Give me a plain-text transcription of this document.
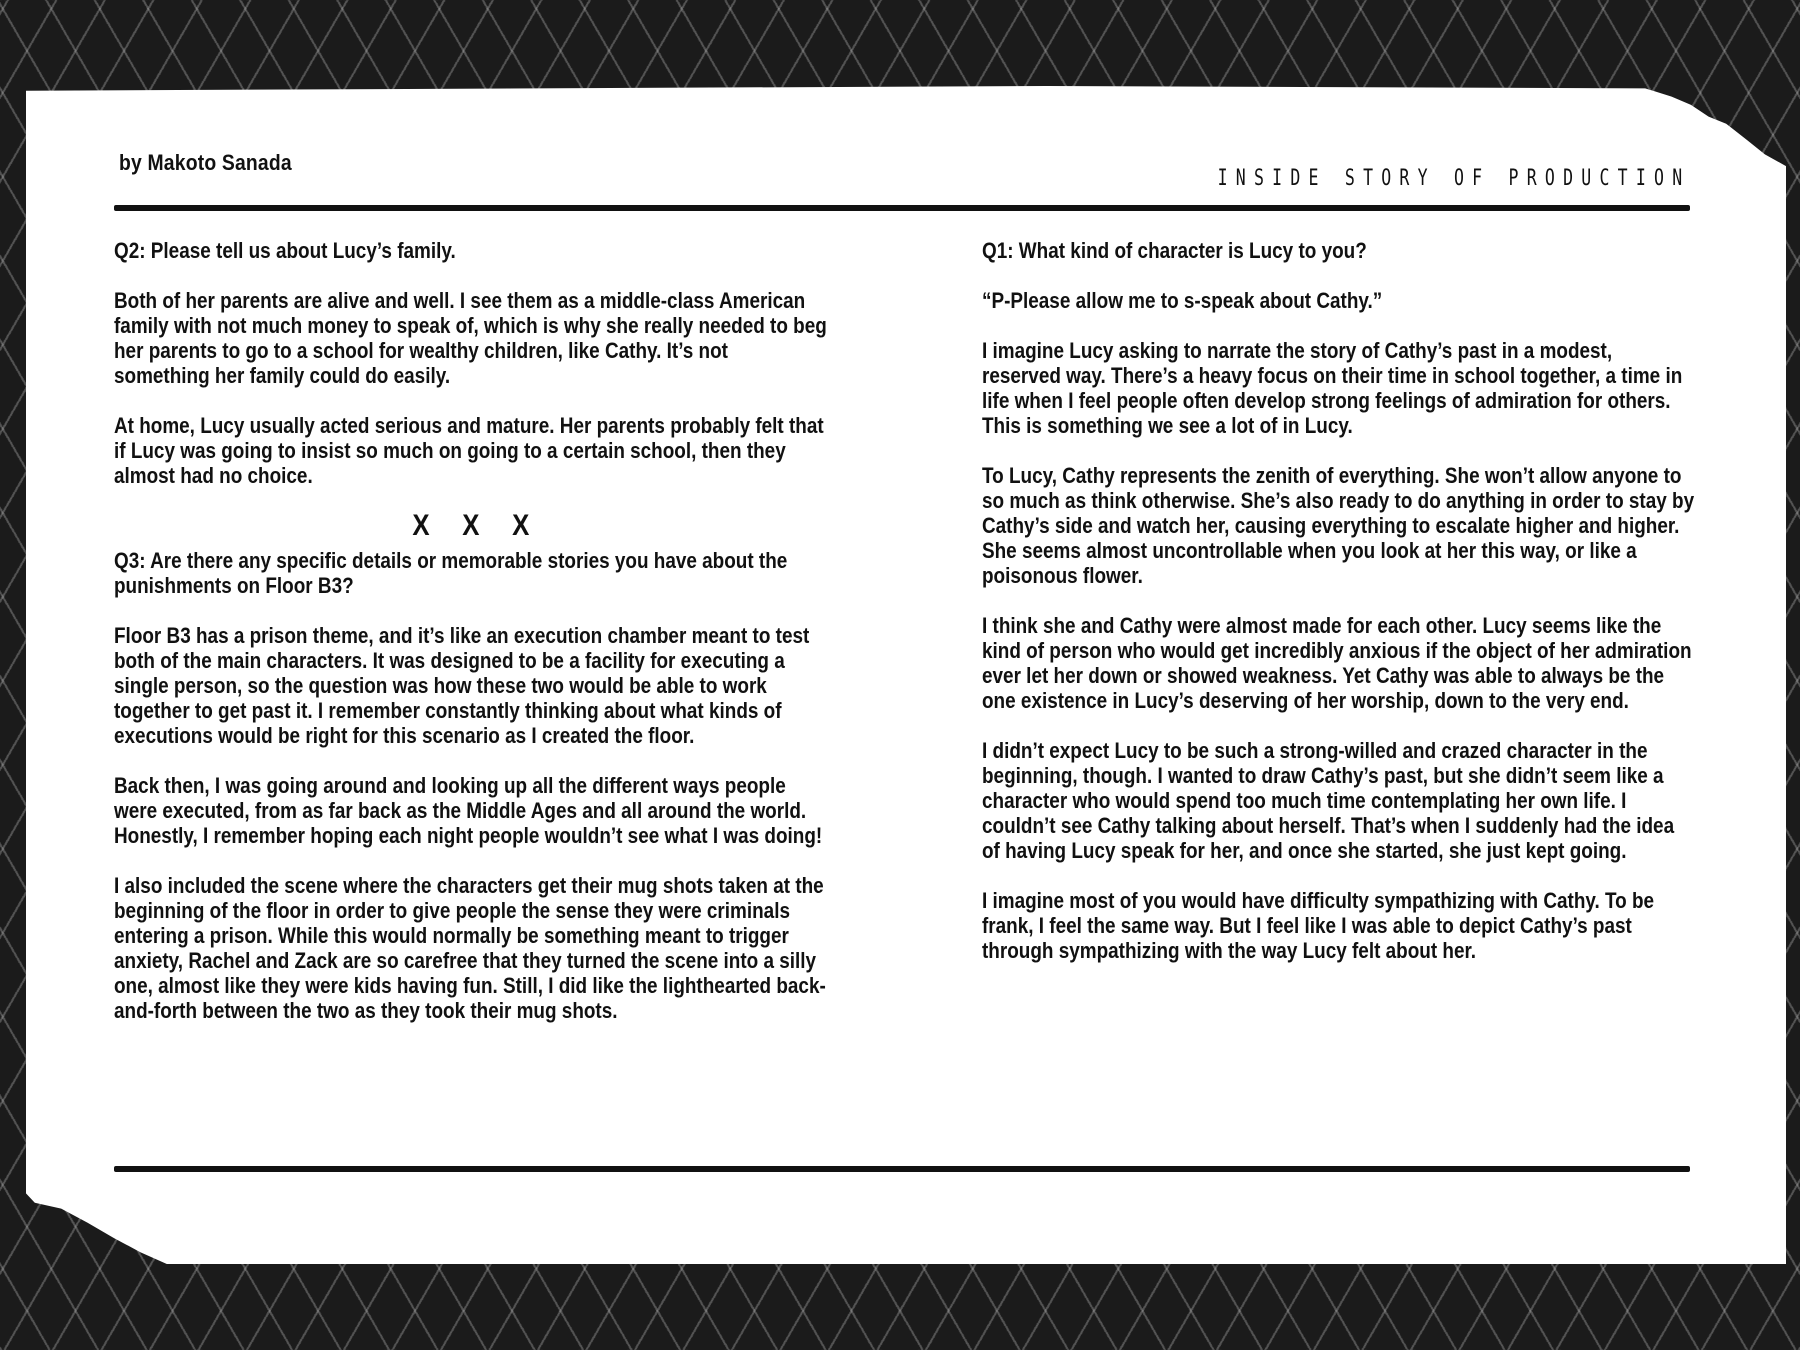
by Makoto Sanada
INSIDE STORY OF PRODUCTION

Q2: Please tell us about Lucy’s family.

Both of her parents are alive and well. I see them as a middle-class American family with not much money to speak of, which is why she really needed to beg her parents to go to a school for wealthy children, like Cathy. It’s not something her family could do easily.

At home, Lucy usually acted serious and mature. Her parents probably felt that if Lucy was going to insist so much on going to a certain school, then they almost had no choice.

XXX

Q3: Are there any specific details or memorable stories you have about the punishments on Floor B3?

Floor B3 has a prison theme, and it’s like an execution chamber meant to test both of the main characters. It was designed to be a facility for executing a single person, so the question was how these two would be able to work together to get past it. I remember constantly thinking about what kinds of executions would be right for this scenario as I created the floor.

Back then, I was going around and looking up all the different ways people were executed, from as far back as the Middle Ages and all around the world. Honestly, I remember hoping each night people wouldn’t see what I was doing!

I also included the scene where the characters get their mug shots taken at the beginning of the floor in order to give people the sense they were criminals entering a prison. While this would normally be something meant to trigger anxiety, Rachel and Zack are so carefree that they turned the scene into a silly one, almost like they were kids having fun. Still, I did like the lighthearted back-and-forth between the two as they took their mug shots.

Q1: What kind of character is Lucy to you?

“P-Please allow me to s-speak about Cathy.”

I imagine Lucy asking to narrate the story of Cathy’s past in a modest, reserved way. There’s a heavy focus on their time in school together, a time in life when I feel people often develop strong feelings of admiration for others. This is something we see a lot of in Lucy.

To Lucy, Cathy represents the zenith of everything. She won’t allow anyone to so much as think otherwise. She’s also ready to do anything in order to stay by Cathy’s side and watch her, causing everything to escalate higher and higher. She seems almost uncontrollable when you look at her this way, or like a poisonous flower.

I think she and Cathy were almost made for each other. Lucy seems like the kind of person who would get incredibly anxious if the object of her admiration ever let her down or showed weakness. Yet Cathy was able to always be the one existence in Lucy’s deserving of her worship, down to the very end.

I didn’t expect Lucy to be such a strong-willed and crazed character in the beginning, though. I wanted to draw Cathy’s past, but she didn’t seem like a character who would spend too much time contemplating her own life. I couldn’t see Cathy talking about herself. That’s when I suddenly had the idea of having Lucy speak for her, and once she started, she just kept going.

I imagine most of you would have difficulty sympathizing with Cathy. To be frank, I feel the same way. But I feel like I was able to depict Cathy’s past through sympathizing with the way Lucy felt about her.
